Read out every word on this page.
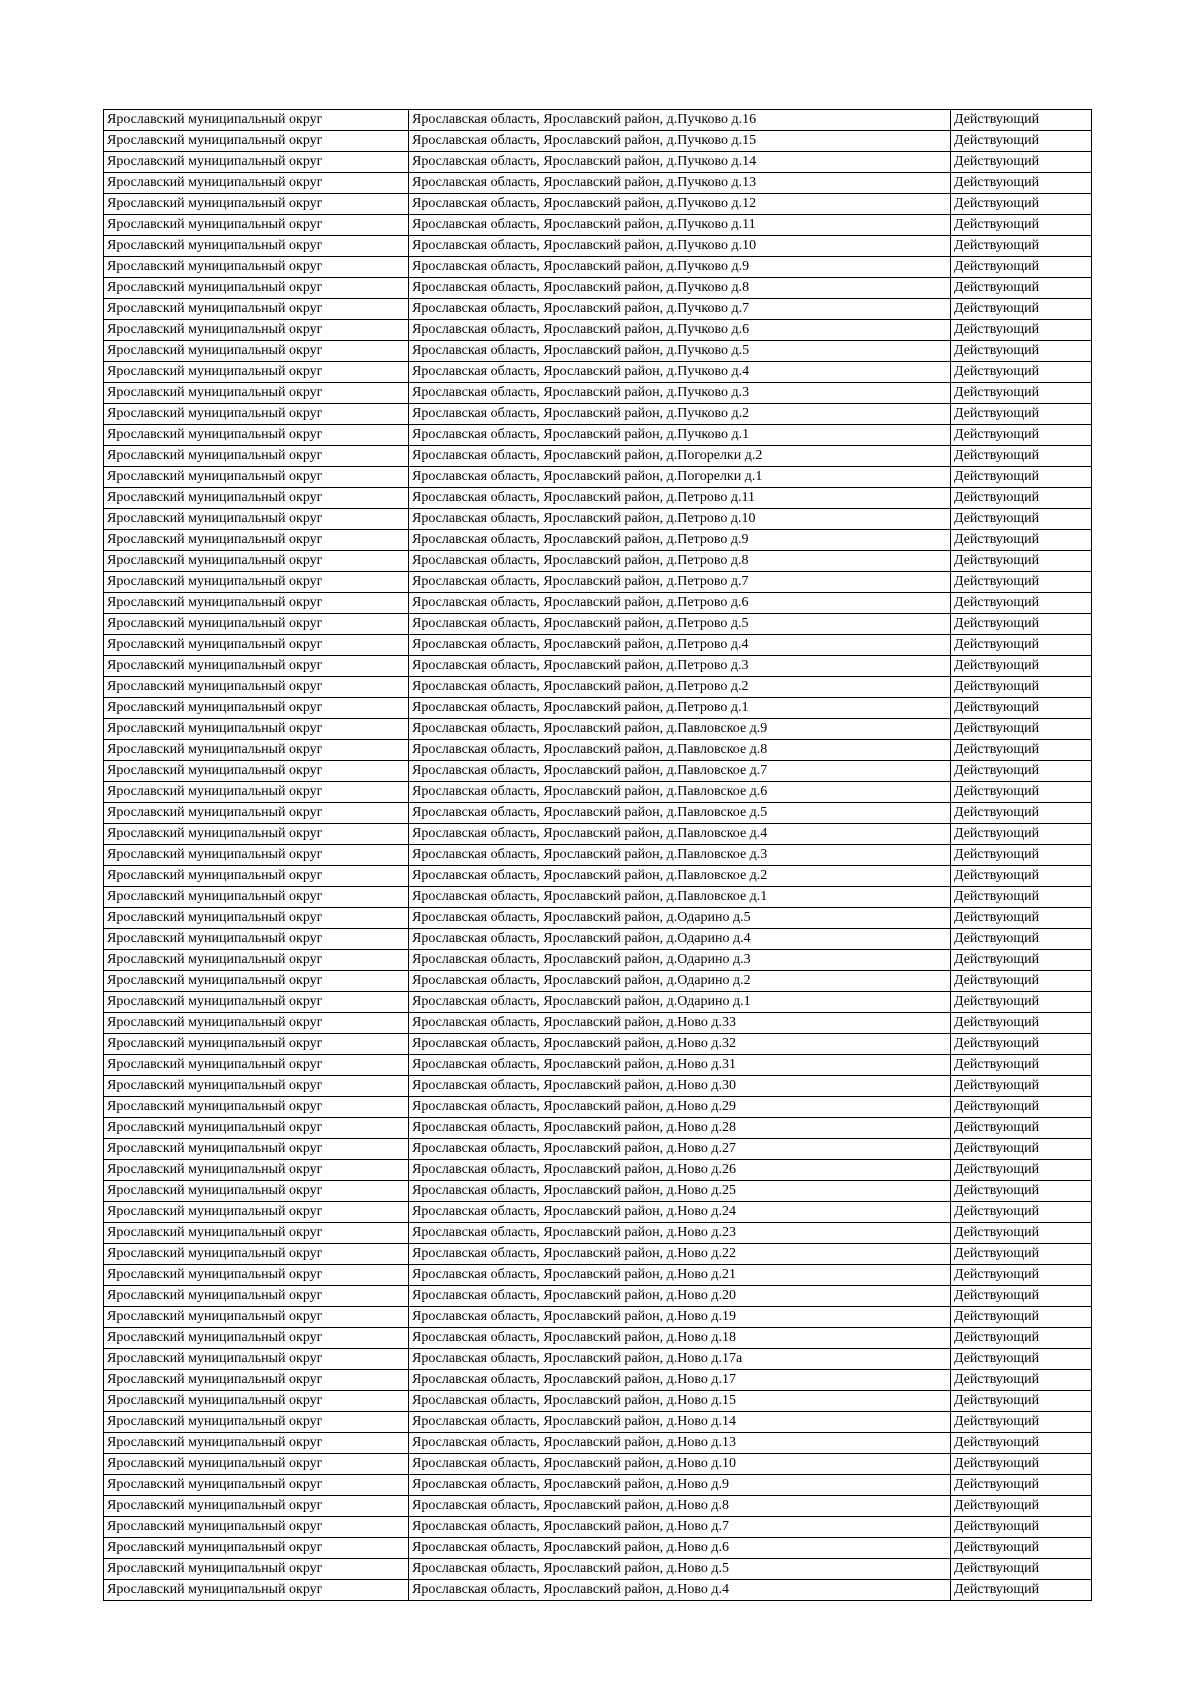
Ярославский муниципальный округ	Ярославская область, Ярославский район, д.Пучково д.16	Действующий
Ярославский муниципальный округ	Ярославская область, Ярославский район, д.Пучково д.15	Действующий
Ярославский муниципальный округ	Ярославская область, Ярославский район, д.Пучково д.14	Действующий
Ярославский муниципальный округ	Ярославская область, Ярославский район, д.Пучково д.13	Действующий
Ярославский муниципальный округ	Ярославская область, Ярославский район, д.Пучково д.12	Действующий
Ярославский муниципальный округ	Ярославская область, Ярославский район, д.Пучково д.11	Действующий
Ярославский муниципальный округ	Ярославская область, Ярославский район, д.Пучково д.10	Действующий
Ярославский муниципальный округ	Ярославская область, Ярославский район, д.Пучково д.9	Действующий
Ярославский муниципальный округ	Ярославская область, Ярославский район, д.Пучково д.8	Действующий
Ярославский муниципальный округ	Ярославская область, Ярославский район, д.Пучково д.7	Действующий
Ярославский муниципальный округ	Ярославская область, Ярославский район, д.Пучково д.6	Действующий
Ярославский муниципальный округ	Ярославская область, Ярославский район, д.Пучково д.5	Действующий
Ярославский муниципальный округ	Ярославская область, Ярославский район, д.Пучково д.4	Действующий
Ярославский муниципальный округ	Ярославская область, Ярославский район, д.Пучково д.3	Действующий
Ярославский муниципальный округ	Ярославская область, Ярославский район, д.Пучково д.2	Действующий
Ярославский муниципальный округ	Ярославская область, Ярославский район, д.Пучково д.1	Действующий
Ярославский муниципальный округ	Ярославская область, Ярославский район, д.Погорелки д.2	Действующий
Ярославский муниципальный округ	Ярославская область, Ярославский район, д.Погорелки д.1	Действующий
Ярославский муниципальный округ	Ярославская область, Ярославский район, д.Петрово д.11	Действующий
Ярославский муниципальный округ	Ярославская область, Ярославский район, д.Петрово д.10	Действующий
Ярославский муниципальный округ	Ярославская область, Ярославский район, д.Петрово д.9	Действующий
Ярославский муниципальный округ	Ярославская область, Ярославский район, д.Петрово д.8	Действующий
Ярославский муниципальный округ	Ярославская область, Ярославский район, д.Петрово д.7	Действующий
Ярославский муниципальный округ	Ярославская область, Ярославский район, д.Петрово д.6	Действующий
Ярославский муниципальный округ	Ярославская область, Ярославский район, д.Петрово д.5	Действующий
Ярославский муниципальный округ	Ярославская область, Ярославский район, д.Петрово д.4	Действующий
Ярославский муниципальный округ	Ярославская область, Ярославский район, д.Петрово д.3	Действующий
Ярославский муниципальный округ	Ярославская область, Ярославский район, д.Петрово д.2	Действующий
Ярославский муниципальный округ	Ярославская область, Ярославский район, д.Петрово д.1	Действующий
Ярославский муниципальный округ	Ярославская область, Ярославский район, д.Павловское д.9	Действующий
Ярославский муниципальный округ	Ярославская область, Ярославский район, д.Павловское д.8	Действующий
Ярославский муниципальный округ	Ярославская область, Ярославский район, д.Павловское д.7	Действующий
Ярославский муниципальный округ	Ярославская область, Ярославский район, д.Павловское д.6	Действующий
Ярославский муниципальный округ	Ярославская область, Ярославский район, д.Павловское д.5	Действующий
Ярославский муниципальный округ	Ярославская область, Ярославский район, д.Павловское д.4	Действующий
Ярославский муниципальный округ	Ярославская область, Ярославский район, д.Павловское д.3	Действующий
Ярославский муниципальный округ	Ярославская область, Ярославский район, д.Павловское д.2	Действующий
Ярославский муниципальный округ	Ярославская область, Ярославский район, д.Павловское д.1	Действующий
Ярославский муниципальный округ	Ярославская область, Ярославский район, д.Одарино д.5	Действующий
Ярославский муниципальный округ	Ярославская область, Ярославский район, д.Одарино д.4	Действующий
Ярославский муниципальный округ	Ярославская область, Ярославский район, д.Одарино д.3	Действующий
Ярославский муниципальный округ	Ярославская область, Ярославский район, д.Одарино д.2	Действующий
Ярославский муниципальный округ	Ярославская область, Ярославский район, д.Одарино д.1	Действующий
Ярославский муниципальный округ	Ярославская область, Ярославский район, д.Ново д.33	Действующий
Ярославский муниципальный округ	Ярославская область, Ярославский район, д.Ново д.32	Действующий
Ярославский муниципальный округ	Ярославская область, Ярославский район, д.Ново д.31	Действующий
Ярославский муниципальный округ	Ярославская область, Ярославский район, д.Ново д.30	Действующий
Ярославский муниципальный округ	Ярославская область, Ярославский район, д.Ново д.29	Действующий
Ярославский муниципальный округ	Ярославская область, Ярославский район, д.Ново д.28	Действующий
Ярославский муниципальный округ	Ярославская область, Ярославский район, д.Ново д.27	Действующий
Ярославский муниципальный округ	Ярославская область, Ярославский район, д.Ново д.26	Действующий
Ярославский муниципальный округ	Ярославская область, Ярославский район, д.Ново д.25	Действующий
Ярославский муниципальный округ	Ярославская область, Ярославский район, д.Ново д.24	Действующий
Ярославский муниципальный округ	Ярославская область, Ярославский район, д.Ново д.23	Действующий
Ярославский муниципальный округ	Ярославская область, Ярославский район, д.Ново д.22	Действующий
Ярославский муниципальный округ	Ярославская область, Ярославский район, д.Ново д.21	Действующий
Ярославский муниципальный округ	Ярославская область, Ярославский район, д.Ново д.20	Действующий
Ярославский муниципальный округ	Ярославская область, Ярославский район, д.Ново д.19	Действующий
Ярославский муниципальный округ	Ярославская область, Ярославский район, д.Ново д.18	Действующий
Ярославский муниципальный округ	Ярославская область, Ярославский район, д.Ново д.17а	Действующий
Ярославский муниципальный округ	Ярославская область, Ярославский район, д.Ново д.17	Действующий
Ярославский муниципальный округ	Ярославская область, Ярославский район, д.Ново д.15	Действующий
Ярославский муниципальный округ	Ярославская область, Ярославский район, д.Ново д.14	Действующий
Ярославский муниципальный округ	Ярославская область, Ярославский район, д.Ново д.13	Действующий
Ярославский муниципальный округ	Ярославская область, Ярославский район, д.Ново д.10	Действующий
Ярославский муниципальный округ	Ярославская область, Ярославский район, д.Ново д.9	Действующий
Ярославский муниципальный округ	Ярославская область, Ярославский район, д.Ново д.8	Действующий
Ярославский муниципальный округ	Ярославская область, Ярославский район, д.Ново д.7	Действующий
Ярославский муниципальный округ	Ярославская область, Ярославский район, д.Ново д.6	Действующий
Ярославский муниципальный округ	Ярославская область, Ярославский район, д.Ново д.5	Действующий
Ярославский муниципальный округ	Ярославская область, Ярославский район, д.Ново д.4	Действующий
